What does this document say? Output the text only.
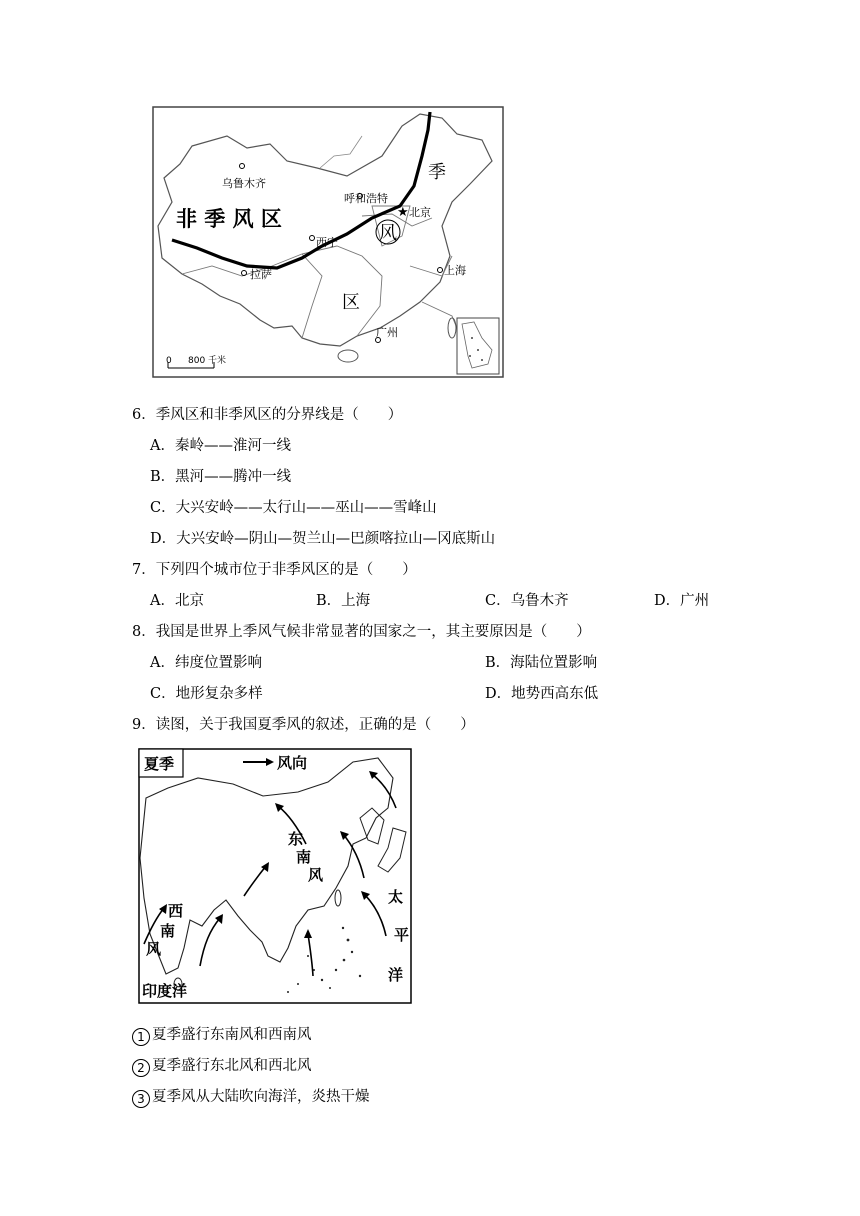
0 800 千米
非 季 风 区
季
风
区
乌鲁木齐
呼和浩特
★ 北京
西宁
拉萨	上海
广州
6．季风区和非季风区的分界线是（　　）
A．秦岭——淮河一线
B．黑河——腾冲一线
C．大兴安岭——太行山——巫山——雪峰山
D．大兴安岭—阴山—贺兰山—巴颜喀拉山—冈底斯山
7．下列四个城市位于非季风区的是（　　）
A．北京	B．上海	C．乌鲁木齐	D．广州
8．我国是世界上季风气候非常显著的国家之一，其主要原因是（　　）
A．纬度位置影响	B．海陆位置影响
C．地形复杂多样	D．地势西高东低
9．读图，关于我国夏季风的叙述，正确的是（　　）
夏季	风向
东
南
风
西
南
风
太
平
洋
印度洋
1 夏季盛行东南风和西南风
2 夏季盛行东北风和西北风
3 夏季风从大陆吹向海洋，炎热干燥
